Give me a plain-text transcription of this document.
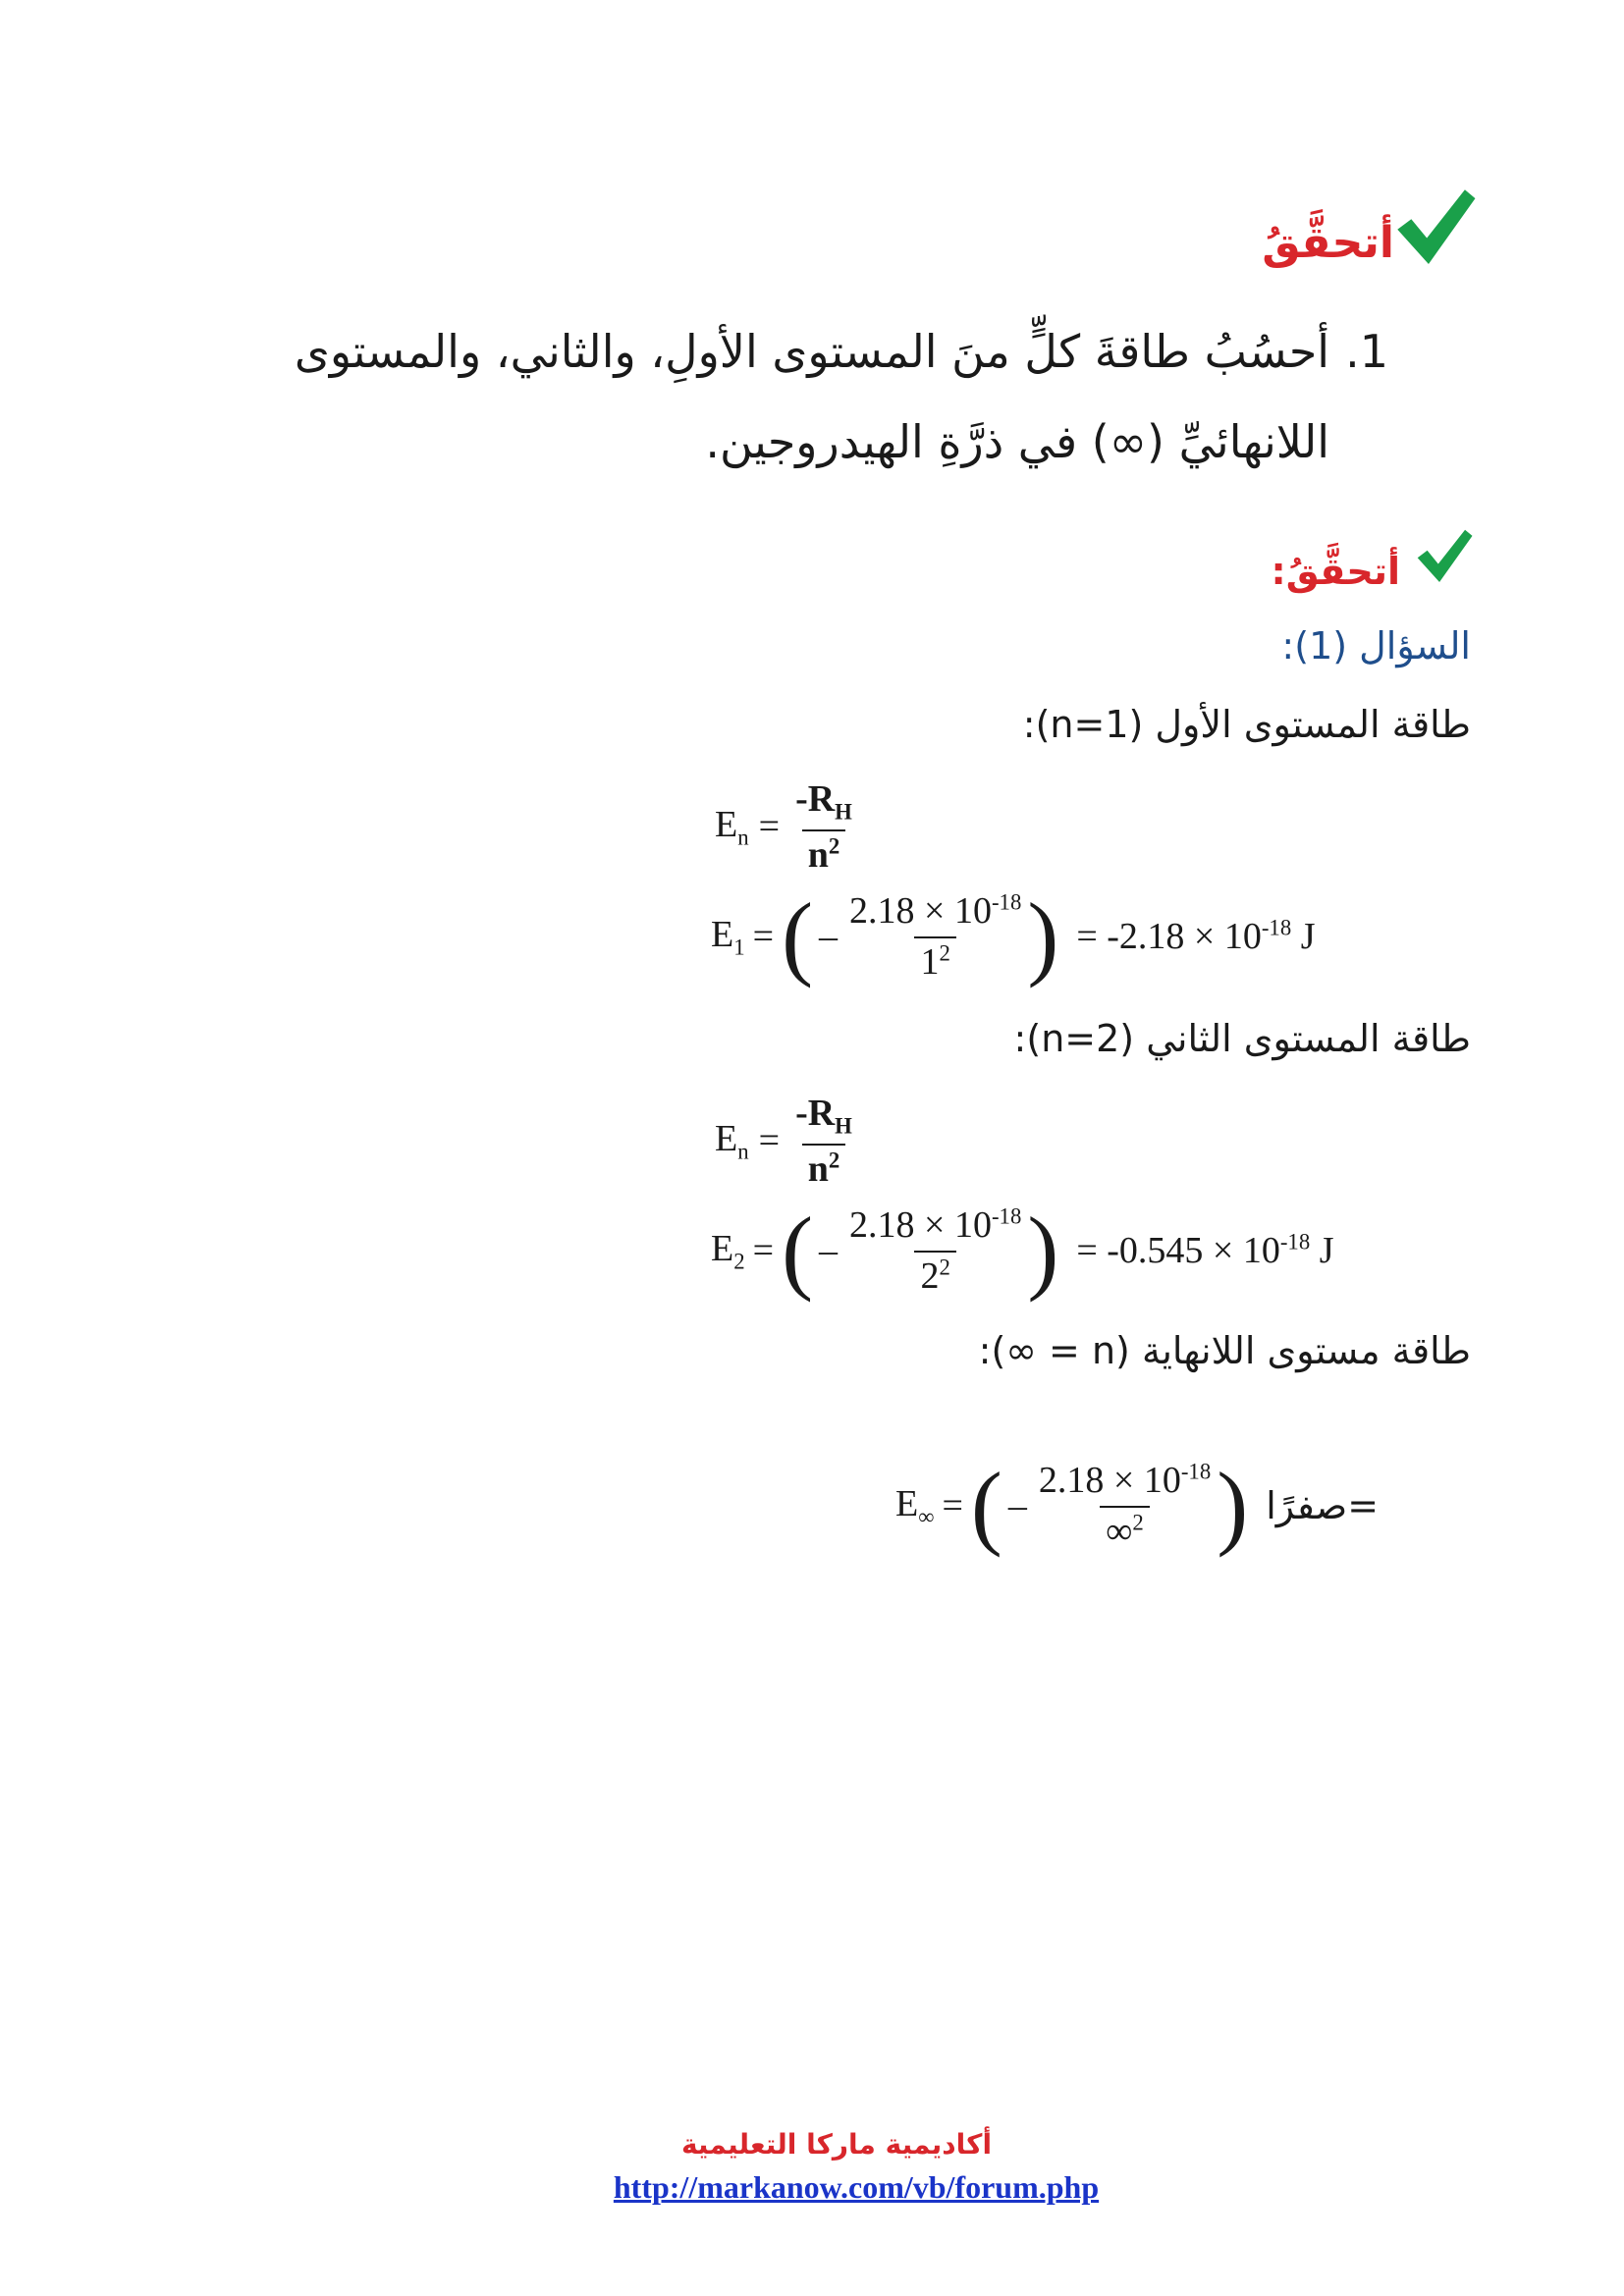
أتحقَّقُ
1.
أحسُبُ طاقةَ كلٍّ منَ المستوى الأولِ، والثاني، والمستوى
اللانهائيِّ (∞) في ذرَّةِ الهيدروجين.
أتحقَّقُ:
السؤال (1):
طاقة المستوى الأول (n=1):
$E_n = \frac{-R_H}{n^2}$
$E_1$ = ( – $\frac{2.18 \times 10^{-18}}{1^2}$ ) = $-2.18 \times 10^{-18}$ J
طاقة المستوى الثاني (n=2):
$E_n = \frac{-R_H}{n^2}$
$E_2$ = ( – $\frac{2.18 \times 10^{-18}}{2^2}$ ) = $-0.545 \times 10^{-18}$ J
طاقة مستوى اللانهاية (n = ∞):
$E_\infty$ = ( – $\frac{2.18 \times 10^{-18}}{\infty^2}$ ) =صفرًا
أكاديمية ماركا التعليمية
http://markanow.com/vb/forum.php
